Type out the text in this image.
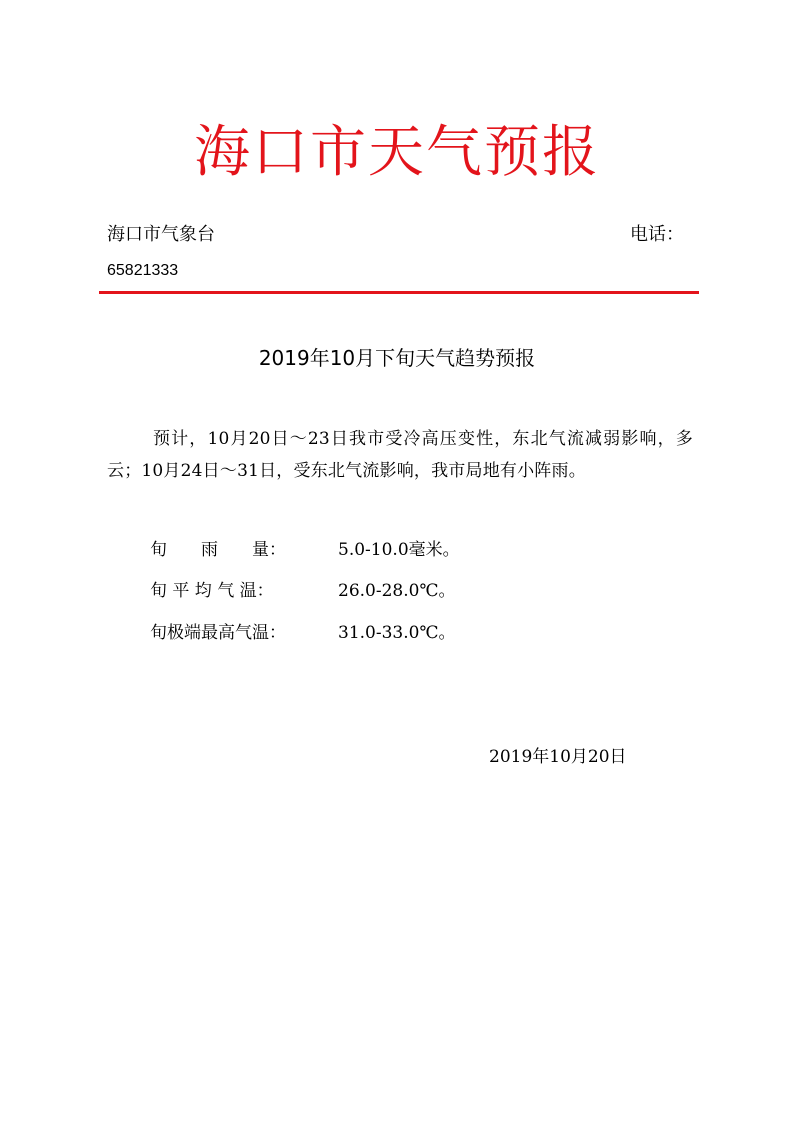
海口市天气预报
海口市气象台	电话：
65821333
2019年10月下旬天气趋势预报
预计，10月20日～23日我市受冷高压变性，东北气流减弱影响，多云；10月24日～31日，受东北气流影响，我市局地有小阵雨。
旬　　雨　　量：	5.0-10.0毫米。
旬 平 均 气 温：	26.0-28.0℃。
旬极端最高气温：	31.0-33.0℃。
2019年10月20日
